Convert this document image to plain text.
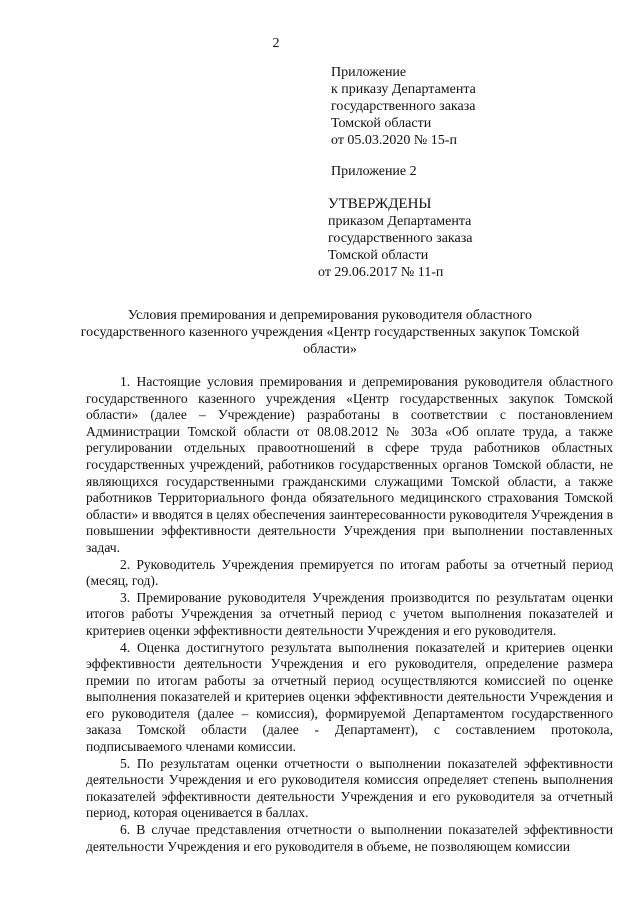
2
Приложение
к приказу Департамента
государственного заказа
Томской области
от 05.03.2020 № 15-п
Приложение 2
УТВЕРЖДЕНЫ
приказом Департамента
государственного заказа
Томской области
от 29.06.2017 № 11-п
Условия премирования и депремирования руководителя областного
государственного казенного учреждения «Центр государственных закупок Томской
области»

1. Настоящие условия премирования и депремирования руководителя областного государственного казенного учреждения «Центр государственных закупок Томской области» (далее – Учреждение) разработаны в соответствии с постановлением Администрации Томской области от 08.08.2012 № 303а «Об оплате труда, а также регулировании отдельных правоотношений в сфере труда работников областных государственных учреждений, работников государственных органов Томской области, не являющихся государственными гражданскими служащими Томской области, а также работников Территориального фонда обязательного медицинского страхования Томской области» и вводятся в целях обеспечения заинтересованности руководителя Учреждения в повышении эффективности деятельности Учреждения при выполнении поставленных задач.

2. Руководитель Учреждения премируется по итогам работы за отчетный период (месяц, год).

3. Премирование руководителя Учреждения производится по результатам оценки итогов работы Учреждения за отчетный период с учетом выполнения показателей и критериев оценки эффективности деятельности Учреждения и его руководителя.

4. Оценка достигнутого результата выполнения показателей и критериев оценки эффективности деятельности Учреждения и его руководителя, определение размера премии по итогам работы за отчетный период осуществляются комиссией по оценке выполнения показателей и критериев оценки эффективности деятельности Учреждения и его руководителя (далее – комиссия), формируемой Департаментом государственного заказа Томской области (далее - Департамент), с составлением протокола, подписываемого членами комиссии.

5. По результатам оценки отчетности о выполнении показателей эффективности деятельности Учреждения и его руководителя комиссия определяет степень выполнения показателей эффективности деятельности Учреждения и его руководителя за отчетный период, которая оценивается в баллах.

6. В случае представления отчетности о выполнении показателей эффективности деятельности Учреждения и его руководителя в объеме, не позволяющем комиссии
